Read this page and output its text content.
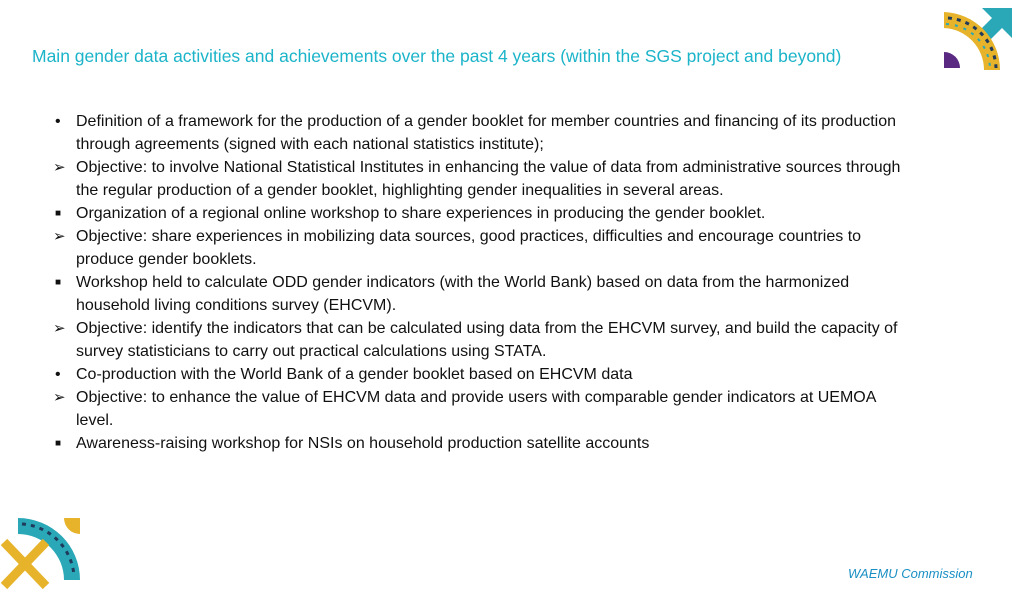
Main gender data activities and achievements over the past 4 years (within the SGS project and beyond)
• Definition of a framework for the production of a gender booklet for member countries and financing of its production through agreements (signed with each national statistics institute);
➢ Objective: to involve National Statistical Institutes in enhancing the value of data from administrative sources through the regular production of a gender booklet, highlighting gender inequalities in several areas.
■ Organization of a regional online workshop to share experiences in producing the gender booklet.
➢ Objective: share experiences in mobilizing data sources, good practices, difficulties and encourage countries to produce gender booklets.
■ Workshop held to calculate ODD gender indicators (with the World Bank) based on data from the harmonized household living conditions survey (EHCVM).
➢ Objective: identify the indicators that can be calculated using data from the EHCVM survey, and build the capacity of survey statisticians to carry out practical calculations using STATA.
• Co-production with the World Bank of a gender booklet based on EHCVM data
➢ Objective: to enhance the value of EHCVM data and provide users with comparable gender indicators at UEMOA level.
■ Awareness-raising workshop for NSIs on household production satellite accounts
WAEMU Commission
